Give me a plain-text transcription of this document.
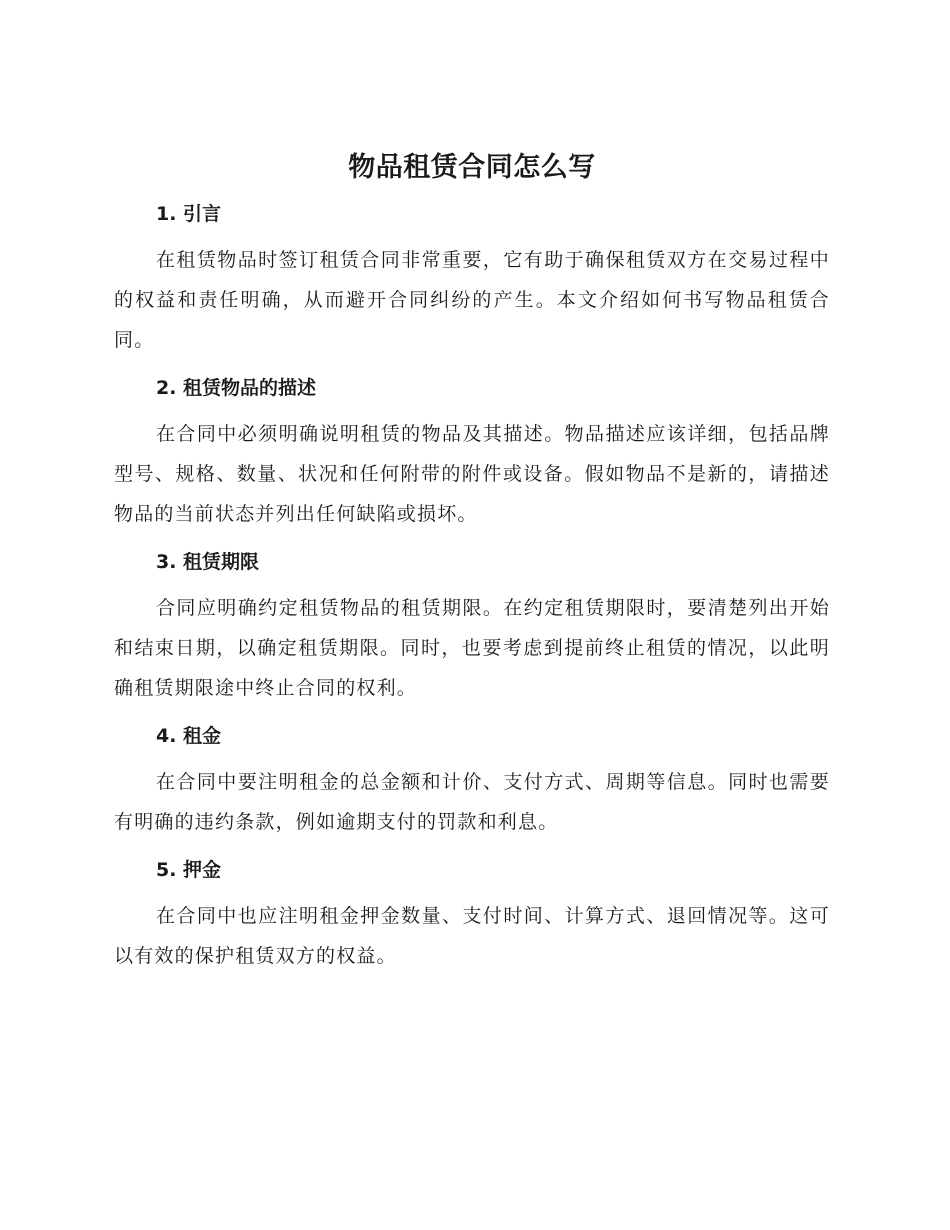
物品租赁合同怎么写
1. 引言

在租赁物品时签订租赁合同非常重要，它有助于确保租赁双方在交易过程中的权益和责任明确，从而避开合同纠纷的产生。本文介绍如何书写物品租赁合同。

2. 租赁物品的描述

在合同中必须明确说明租赁的物品及其描述。物品描述应该详细，包括品牌型号、规格、数量、状况和任何附带的附件或设备。假如物品不是新的，请描述物品的当前状态并列出任何缺陷或损坏。

3. 租赁期限

合同应明确约定租赁物品的租赁期限。在约定租赁期限时，要清楚列出开始和结束日期，以确定租赁期限。同时，也要考虑到提前终止租赁的情况，以此明确租赁期限途中终止合同的权利。

4. 租金

在合同中要注明租金的总金额和计价、支付方式、周期等信息。同时也需要有明确的违约条款，例如逾期支付的罚款和利息。

5. 押金

在合同中也应注明租金押金数量、支付时间、计算方式、退回情况等。这可以有效的保护租赁双方的权益。
